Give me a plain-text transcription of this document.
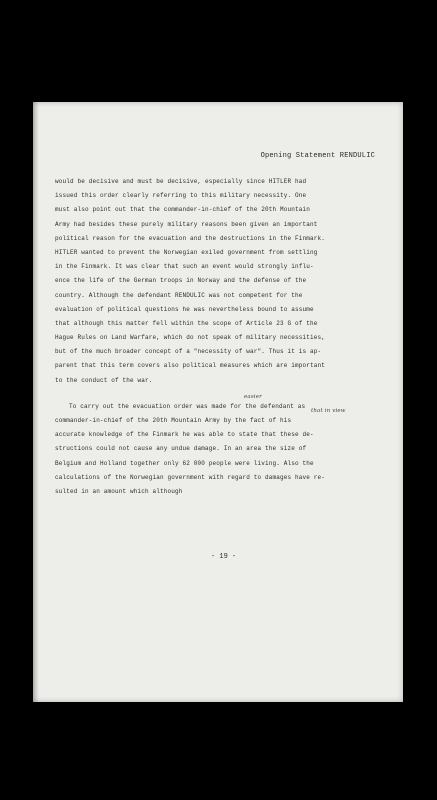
Opening Statement RENDULIC
would be decisive and must be decisive, especially since HITLER had
issued this order clearly referring to this military necessity. One
must also point out that the commander-in-chief of the 20th Mountain
Army had besides these purely military reasons been given an important
political reason for the evacuation and the destructions in the Finmark.
HITLER wanted to prevent the Norwegian exiled government from settling
in the Finmark. It was clear that such an event would strongly influ-
ence the life of the German troops in Norway and the defense of the
country. Although the defendant RENDULIC was not competent for the
evaluation of political questions he was nevertheless bound to assume
that although this matter fell within the scope of Article 23 G of the
Hague Rules on Land Warfare, which do not speak of military necessities,
but of the much broader concept of a "necessity of war". Thus it is ap-
parent that this term covers also political measures which are important
to the conduct of the war.
easier
that in view
To carry out the evacuation order was made for the defendant as
commander-in-chief of the 20th Mountain Army by the fact of his
accurate knowledge of the Finmark he was able to state that these de-
structions could not cause any undue damage. In an area the size of
Belgium and Holland together only 62 000 people were living. Also the
calculations of the Norwegian government with regard to damages have re-
sulted in an amount which although
- 19 -
